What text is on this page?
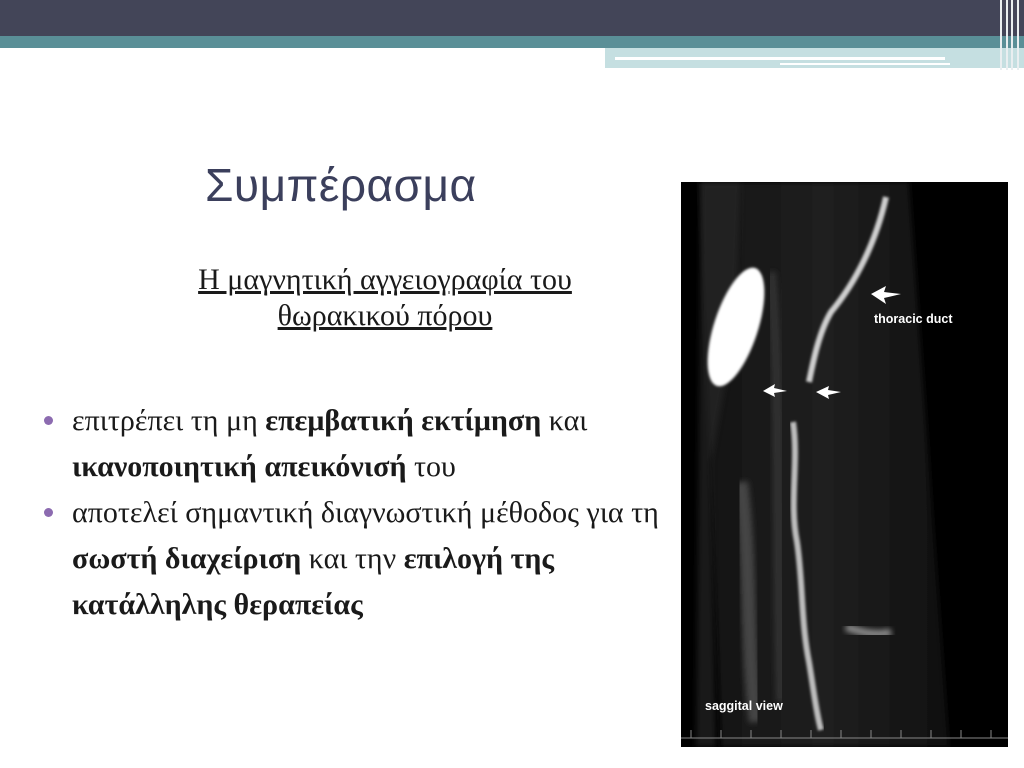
Συμπέρασμα
Η μαγνητική αγγειογραφία του
θωρακικού πόρου
επιτρέπει τη μη επεμβατική εκτίμηση και ικανοποιητική απεικόνισή του
αποτελεί σημαντική διαγνωστική μέθοδος για τη σωστή διαχείριση και την επιλογή της κατάλληλης θεραπείας
thoracic duct
saggital view
